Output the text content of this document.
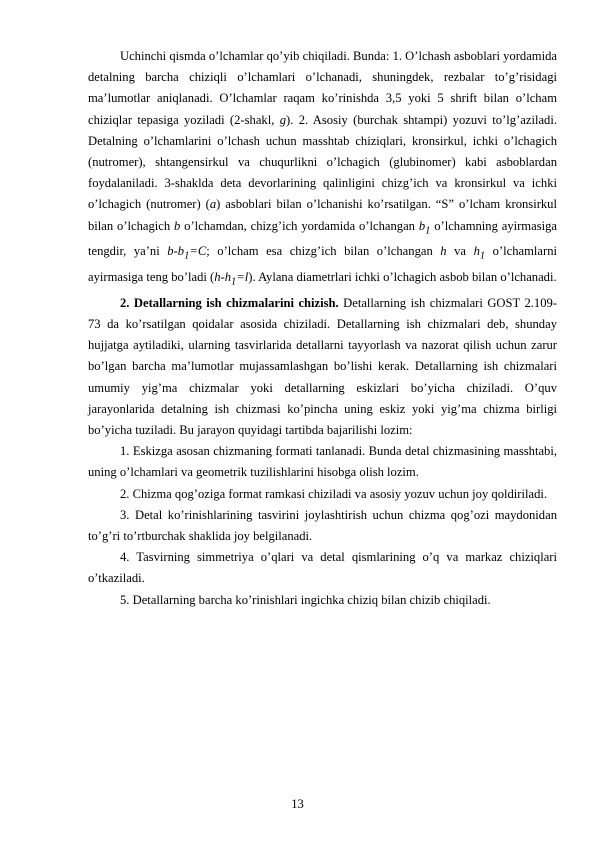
Uchinchi qismda o’lchamlar qo’yib chiqiladi. Bunda: 1. O’lchash asboblari yordamida detalning barcha chiziqli o’lchamlari o’lchanadi, shuningdek, rezbalar to’g’risidagi ma’lumotlar aniqlanadi. O’lchamlar raqam ko’rinishda 3,5 yoki 5 shrift bilan o’lcham chiziqlar tepasiga yoziladi (2-shakl, g). 2. Asosiy (burchak shtampi) yozuvi to’lg’aziladi. Detalning o’lchamlarini o’lchash uchun masshtab chiziqlari, kronsirkul, ichki o’lchagich (nutromer), shtangensirkul va chuqurlikni o’lchagich (glubinomer) kabi asboblardan foydalaniladi. 3-shaklda deta devorlarining qalinligini chizg’ich va kronsirkul va ichki o’lchagich (nutromer) (a) asboblari bilan o’lchanishi ko’rsatilgan. “S” o’lcham kronsirkul bilan o’lchagich b o’lchamdan, chizg’ich yordamida o’lchangan $b_1$ o’lchamning ayirmasiga tengdir, ya’ni $b-b_1=C$; o’lcham esa chizg’ich bilan o’lchangan h va $h_1$ o’lchamlarni ayirmasiga teng bo’ladi $(h-h_1=l)$. Aylana diametrlari ichki o’lchagich asbob bilan o’lchanadi.

2. Detallarning ish chizmalarini chizish. Detallarning ish chizmalari GOST 2.109-73 da ko’rsatilgan qoidalar asosida chiziladi. Detallarning ish chizmalari deb, shunday hujjatga aytiladiki, ularning tasvirlarida detallarni tayyorlash va nazorat qilish uchun zarur bo’lgan barcha ma’lumotlar mujassamlashgan bo’lishi kerak. Detallarning ish chizmalari umumiy yig’ma chizmalar yoki detallarning eskizlari bo’yicha chiziladi. O’quv jarayonlarida detalning ish chizmasi ko’pincha uning eskiz yoki yig’ma chizma birligi bo’yicha tuziladi. Bu jarayon quyidagi tartibda bajarilishi lozim:

1. Eskizga asosan chizmaning formati tanlanadi. Bunda detal chizmasining masshtabi, uning o’lchamlari va geometrik tuzilishlarini hisobga olish lozim.

2. Chizma qog’oziga format ramkasi chiziladi va asosiy yozuv uchun joy qoldiriladi.

3. Detal ko’rinishlarining tasvirini joylashtirish uchun chizma qog’ozi maydonidan to’g’ri to’rtburchak shaklida joy belgilanadi.

4. Tasvirning simmetriya o’qlari va detal qismlarining o’q va markaz chiziqlari o’tkaziladi.

5. Detallarning barcha ko’rinishlari ingichka chiziq bilan chizib chiqiladi.

13
